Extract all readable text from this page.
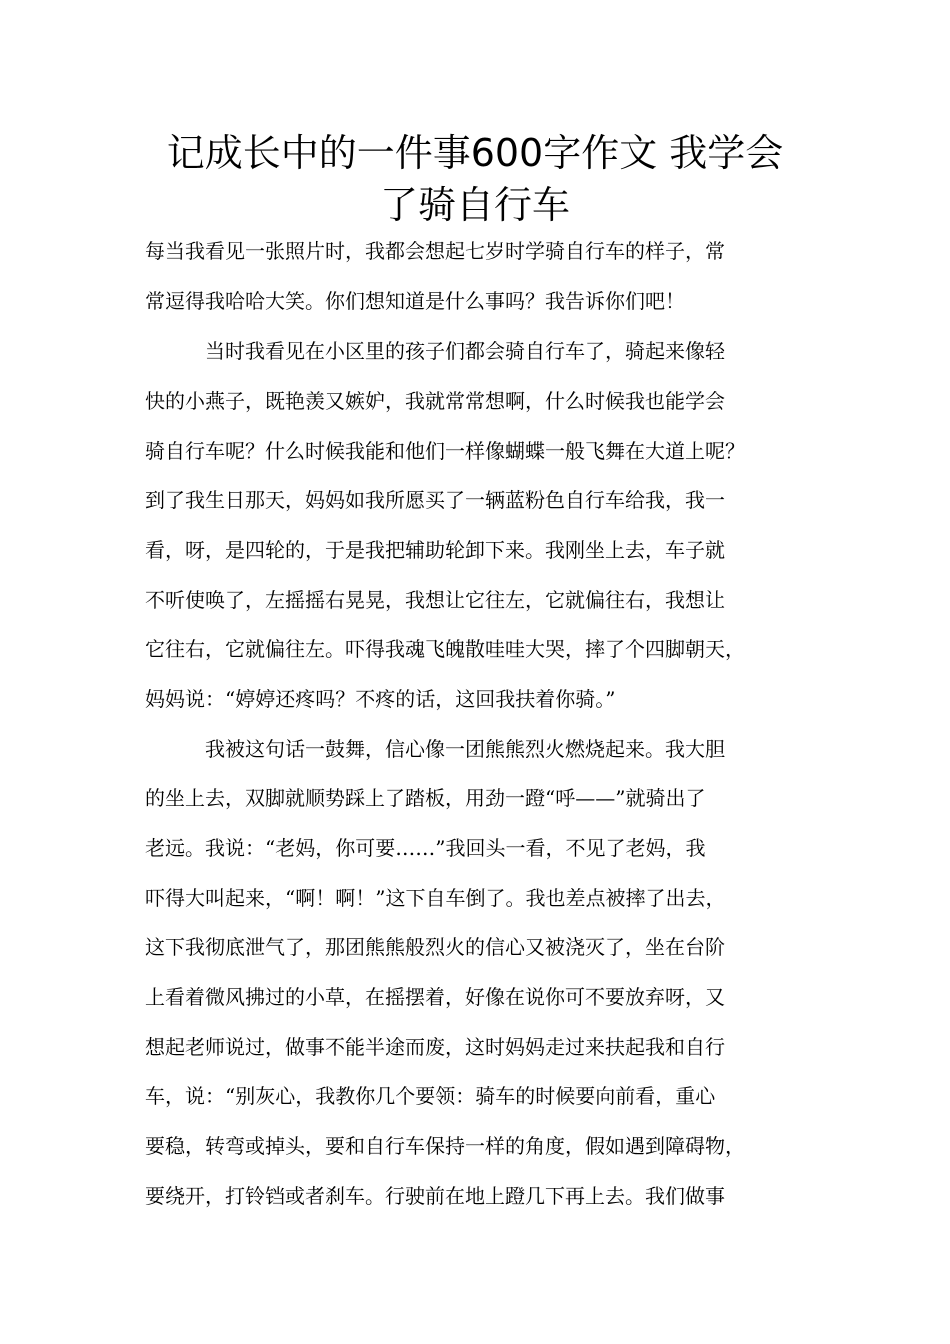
记成长中的一件事600字作文 我学会
了骑自行车

每当我看见一张照片时，我都会想起七岁时学骑自行车的样子，常

常逗得我哈哈大笑。你们想知道是什么事吗？我告诉你们吧！

　　　当时我看见在小区里的孩子们都会骑自行车了，骑起来像轻

快的小燕子，既艳羡又嫉妒，我就常常想啊，什么时候我也能学会

骑自行车呢？什么时候我能和他们一样像蝴蝶一般飞舞在大道上呢？

到了我生日那天，妈妈如我所愿买了一辆蓝粉色自行车给我，我一

看，呀，是四轮的，于是我把辅助轮卸下来。我刚坐上去，车子就

不听使唤了，左摇摇右晃晃，我想让它往左，它就偏往右，我想让

它往右，它就偏往左。吓得我魂飞魄散哇哇大哭，摔了个四脚朝天，

妈妈说：“婷婷还疼吗？不疼的话，这回我扶着你骑。”

　　　我被这句话一鼓舞，信心像一团熊熊烈火燃烧起来。我大胆

的坐上去，双脚就顺势踩上了踏板，用劲一蹬“呼——”就骑出了

老远。我说：“老妈，你可要……”我回头一看，不见了老妈，我

吓得大叫起来，“啊！啊！”这下自车倒了。我也差点被摔了出去，

这下我彻底泄气了，那团熊熊般烈火的信心又被浇灭了，坐在台阶

上看着微风拂过的小草，在摇摆着，好像在说你可不要放弃呀，又

想起老师说过，做事不能半途而废，这时妈妈走过来扶起我和自行

车，说：“别灰心，我教你几个要领：骑车的时候要向前看，重心

要稳，转弯或掉头，要和自行车保持一样的角度，假如遇到障碍物，

要绕开，打铃铛或者刹车。行驶前在地上蹬几下再上去。我们做事
